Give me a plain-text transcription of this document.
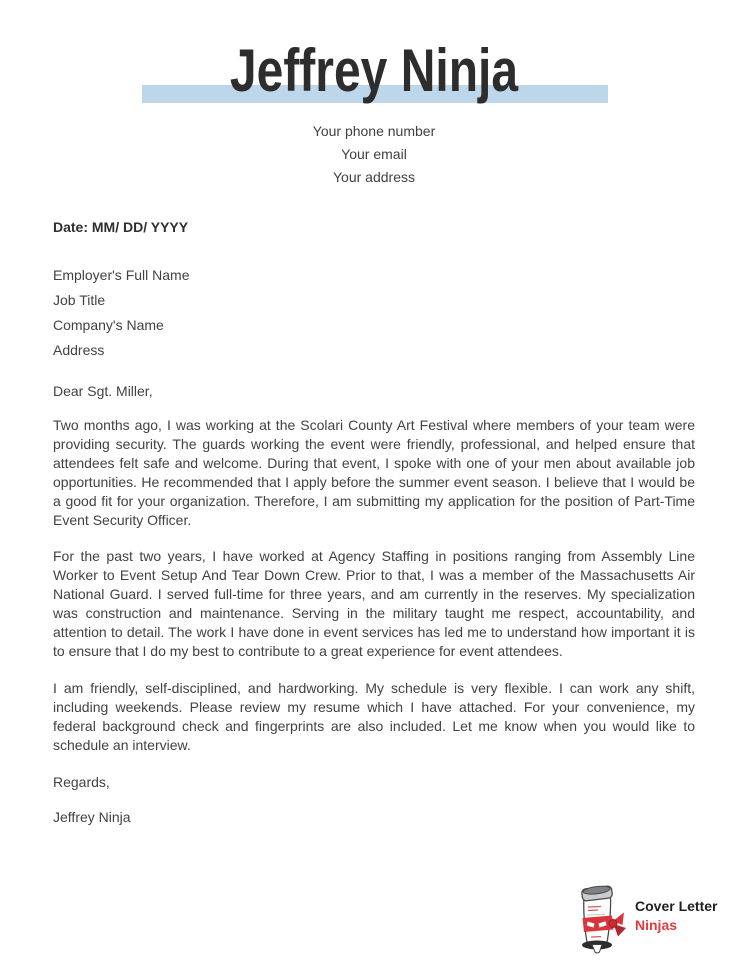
Jeffrey Ninja
Your phone number
Your email
Your address
Date: MM/ DD/ YYYY
Employer's Full Name
Job Title
Company's Name
Address
Dear Sgt. Miller,

Two months ago, I was working at the Scolari County Art Festival where members of your team were providing security. The guards working the event were friendly, professional, and helped ensure that attendees felt safe and welcome. During that event, I spoke with one of your men about available job opportunities. He recommended that I apply before the summer event season. I believe that I would be a good fit for your organization. Therefore, I am submitting my application for the position of Part-Time Event Security Officer.

For the past two years, I have worked at Agency Staffing in positions ranging from Assembly Line Worker to Event Setup And Tear Down Crew. Prior to that, I was a member of the Massachusetts Air National Guard. I served full-time for three years, and am currently in the reserves. My specialization was construction and maintenance. Serving in the military taught me respect, accountability, and attention to detail. The work I have done in event services has led me to understand how important it is to ensure that I do my best to contribute to a great experience for event attendees.

I am friendly, self-disciplined, and hardworking. My schedule is very flexible. I can work any shift, including weekends. Please review my resume which I have attached. For your convenience, my federal background check and fingerprints are also included. Let me know when you would like to schedule an interview.

Regards,
Jeffrey Ninja
Cover Letter
Ninjas
